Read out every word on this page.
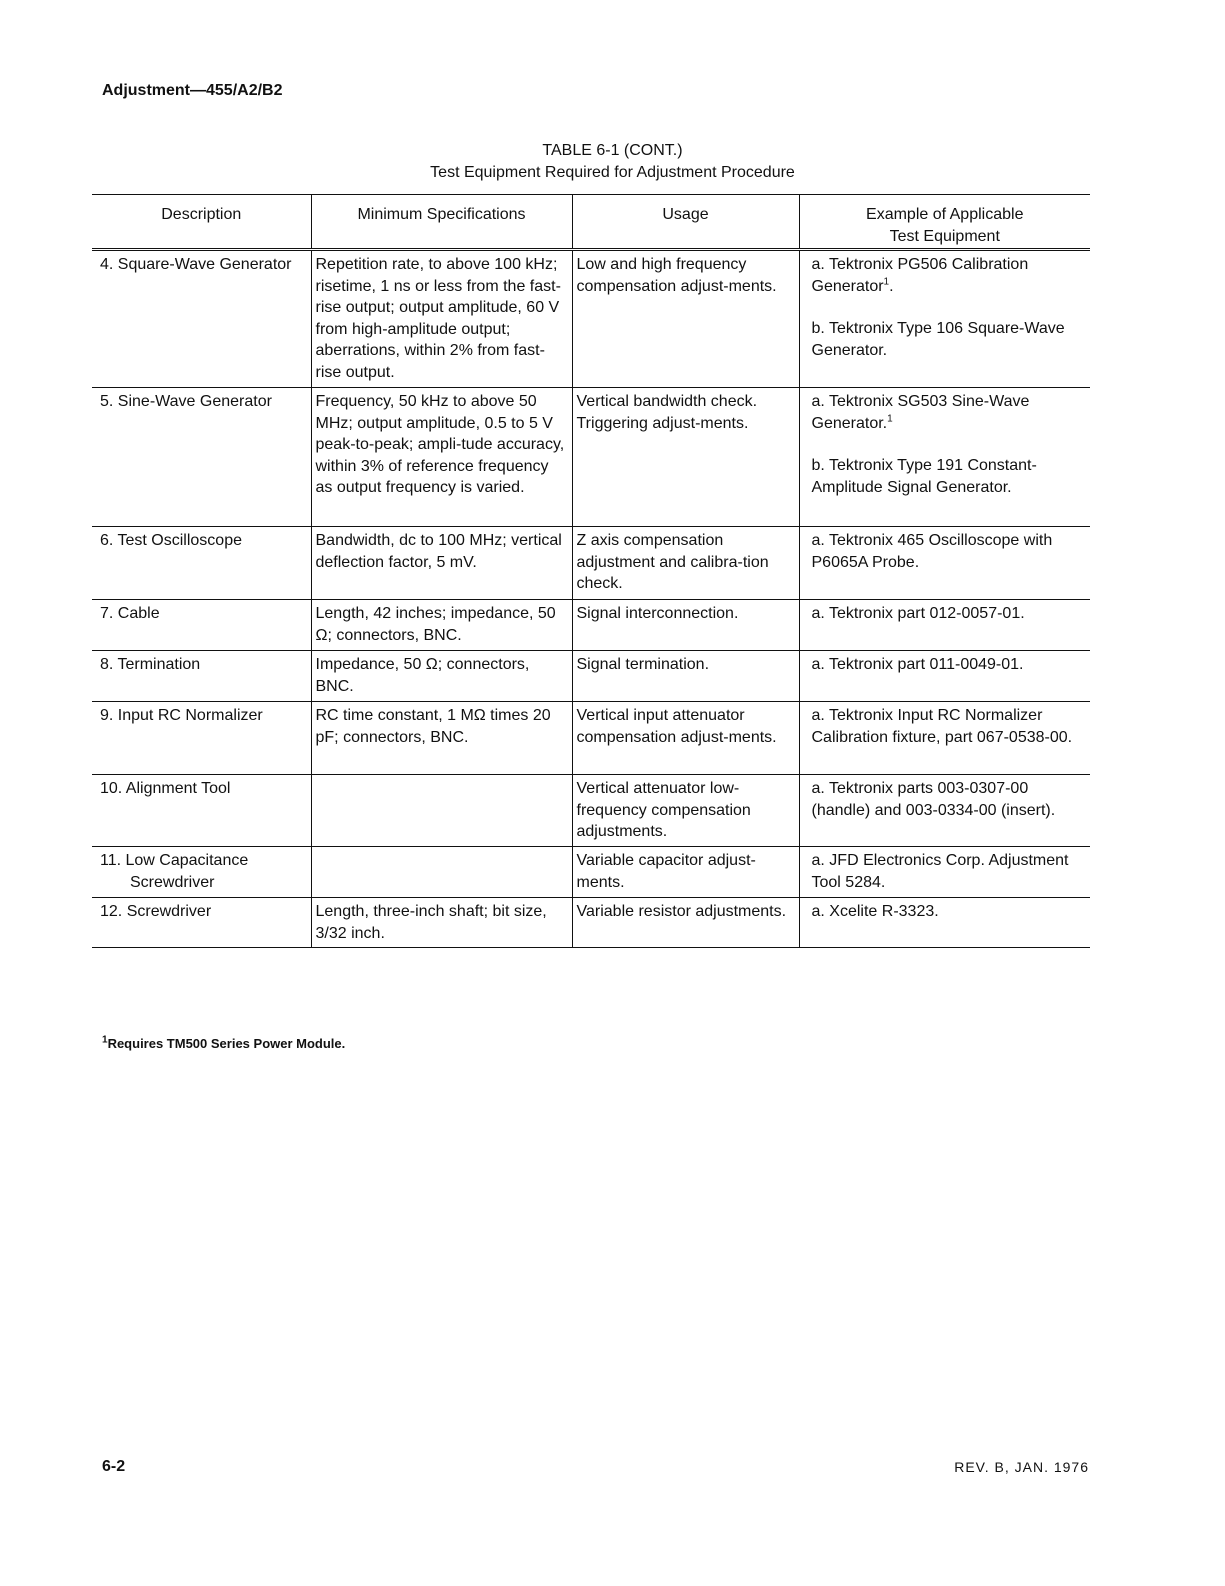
Adjustment—455/A2/B2
TABLE 6-1 (CONT.)
Test Equipment Required for Adjustment Procedure
Description	Minimum Specifications	Usage	Example of Applicable
Test Equipment

4. Square-Wave Generator	Repetition rate, to above 100 kHz; risetime, 1 ns or less from the fast-rise output; output amplitude, 60 V from high-amplitude output; aberrations, within 2% from fast-rise output.	Low and high frequency compensation adjust-ments.	a. Tektronix PG506 Calibration Generator$^1$.
b. Tektronix Type 106 Square-Wave Generator.

5. Sine-Wave Generator	Frequency, 50 kHz to above 50 MHz; output amplitude, 0.5 to 5 V peak-to-peak; ampli-tude accuracy, within 3% of reference frequency as output frequency is varied.	Vertical bandwidth check. Triggering adjust-ments.	a. Tektronix SG503 Sine-Wave Generator.$^1$
b. Tektronix Type 191 Constant-Amplitude Signal Generator.

6. Test Oscilloscope	Bandwidth, dc to 100 MHz; vertical deflection factor, 5 mV.	Z axis compensation adjustment and calibra-tion check.	a. Tektronix 465 Oscilloscope with P6065A Probe.
7. Cable	Length, 42 inches; impedance, 50 Ω; connectors, BNC.	Signal interconnection.	a. Tektronix part 012-0057-01.
8. Termination	Impedance, 50 Ω; connectors, BNC.	Signal termination.	a. Tektronix part 011-0049-01.
9. Input RC Normalizer	RC time constant, 1 MΩ times 20 pF; connectors, BNC.	Vertical input attenuator compensation adjust-ments.	a. Tektronix Input RC Normalizer Calibration fixture, part 067-0538-00.
10. Alignment Tool		Vertical attenuator low-frequency compensation adjustments.	a. Tektronix parts 003-0307-00 (handle) and 003-0334-00 (insert).

11. Low Capacitance
Screwdriver		Variable capacitor adjust-ments.	a. JFD Electronics Corp. Adjustment Tool 5284.
12. Screwdriver	Length, three-inch shaft; bit size, 3/32 inch.	Variable resistor adjustments.	a. Xcelite R-3323.
$^1$Requires TM500 Series Power Module.
6-2	REV. B, JAN. 1976
